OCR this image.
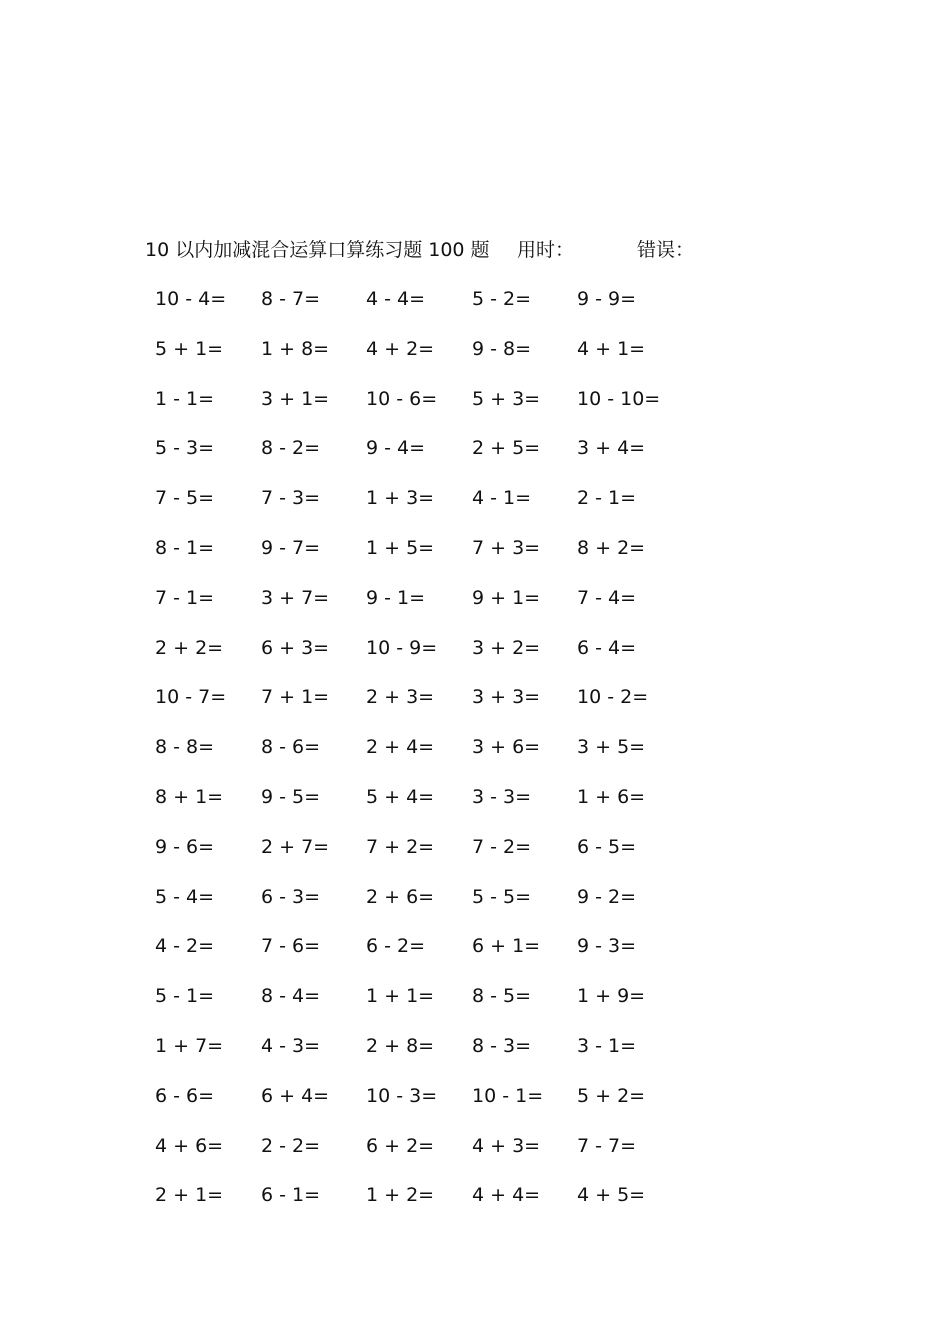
10 以内加减混合运算口算练习题 100 题 用时：	错误：
10 - 4= 8 - 7= 4 - 4= 5 - 2= 9 - 9=
5 + 1= 1 + 8= 4 + 2= 9 - 8= 4 + 1=
1 - 1= 3 + 1= 10 - 6= 5 + 3= 10 - 10=
5 - 3= 8 - 2= 9 - 4= 2 + 5= 3 + 4=
7 - 5= 7 - 3= 1 + 3= 4 - 1= 2 - 1=
8 - 1= 9 - 7= 1 + 5= 7 + 3= 8 + 2=
7 - 1= 3 + 7= 9 - 1= 9 + 1= 7 - 4=
2 + 2= 6 + 3= 10 - 9= 3 + 2= 6 - 4=
10 - 7= 7 + 1= 2 + 3= 3 + 3= 10 - 2=
8 - 8= 8 - 6= 2 + 4= 3 + 6= 3 + 5=
8 + 1= 9 - 5= 5 + 4= 3 - 3= 1 + 6=
9 - 6= 2 + 7= 7 + 2= 7 - 2= 6 - 5=
5 - 4= 6 - 3= 2 + 6= 5 - 5= 9 - 2=
4 - 2= 7 - 6= 6 - 2= 6 + 1= 9 - 3=
5 - 1= 8 - 4= 1 + 1= 8 - 5= 1 + 9=
1 + 7= 4 - 3= 2 + 8= 8 - 3= 3 - 1=
6 - 6= 6 + 4= 10 - 3= 10 - 1= 5 + 2=
4 + 6= 2 - 2= 6 + 2= 4 + 3= 7 - 7=
2 + 1= 6 - 1= 1 + 2= 4 + 4= 4 + 5=
